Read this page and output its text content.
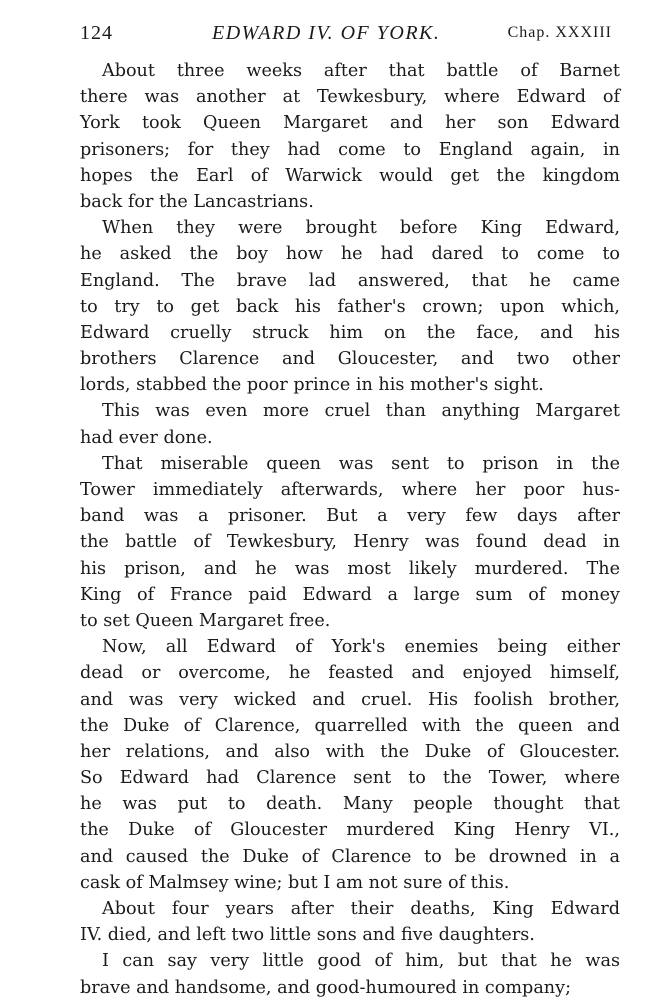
124	EDWARD IV. OF YORK.	Chap. XXXIII
About three weeks after that battle of Barnet
there was another at Tewkesbury, where Edward of
York took Queen Margaret and her son Edward
prisoners; for they had come to England again, in
hopes the Earl of Warwick would get the kingdom
back for the Lancastrians.
When they were brought before King Edward,
he asked the boy how he had dared to come to
England. The brave lad answered, that he came
to try to get back his father's crown; upon which,
Edward cruelly struck him on the face, and his
brothers Clarence and Gloucester, and two other
lords, stabbed the poor prince in his mother's sight.
This was even more cruel than anything Margaret
had ever done.
That miserable queen was sent to prison in the
Tower immediately afterwards, where her poor hus-
band was a prisoner. But a very few days after
the battle of Tewkesbury, Henry was found dead in
his prison, and he was most likely murdered. The
King of France paid Edward a large sum of money
to set Queen Margaret free.
Now, all Edward of York's enemies being either
dead or overcome, he feasted and enjoyed himself,
and was very wicked and cruel. His foolish brother,
the Duke of Clarence, quarrelled with the queen and
her relations, and also with the Duke of Gloucester.
So Edward had Clarence sent to the Tower, where
he was put to death. Many people thought that
the Duke of Gloucester murdered King Henry VI.,
and caused the Duke of Clarence to be drowned in a
cask of Malmsey wine; but I am not sure of this.
About four years after their deaths, King Edward
IV. died, and left two little sons and five daughters.
I can say very little good of him, but that he was
brave and handsome, and good-humoured in company;
